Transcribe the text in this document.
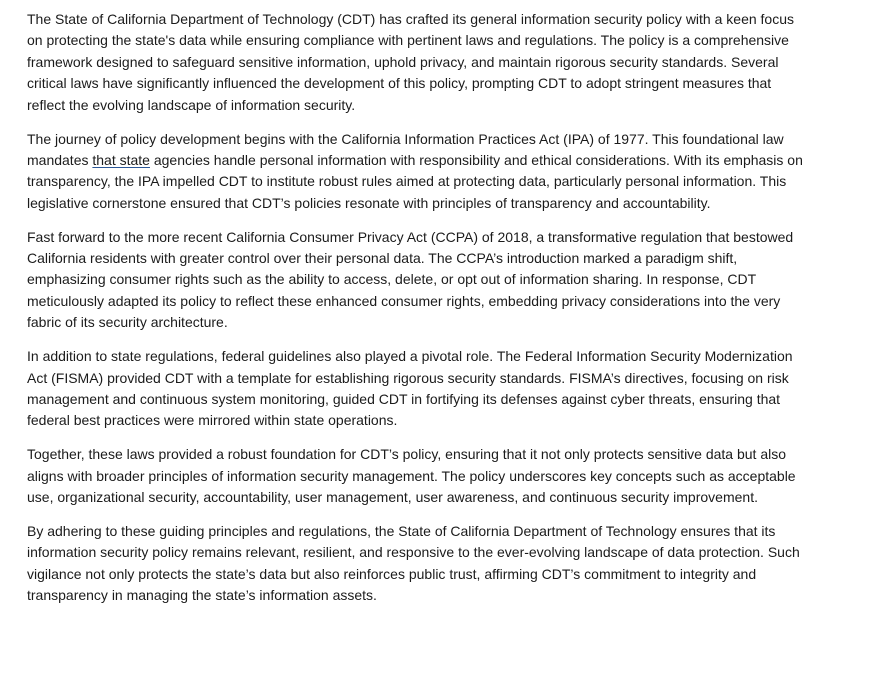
The State of California Department of Technology (CDT) has crafted its general information security policy with a keen focus on protecting the state's data while ensuring compliance with pertinent laws and regulations. The policy is a comprehensive framework designed to safeguard sensitive information, uphold privacy, and maintain rigorous security standards. Several critical laws have significantly influenced the development of this policy, prompting CDT to adopt stringent measures that reflect the evolving landscape of information security.

The journey of policy development begins with the California Information Practices Act (IPA) of 1977. This foundational law mandates that state agencies handle personal information with responsibility and ethical considerations. With its emphasis on transparency, the IPA impelled CDT to institute robust rules aimed at protecting data, particularly personal information. This legislative cornerstone ensured that CDT’s policies resonate with principles of transparency and accountability.

Fast forward to the more recent California Consumer Privacy Act (CCPA) of 2018, a transformative regulation that bestowed California residents with greater control over their personal data. The CCPA’s introduction marked a paradigm shift, emphasizing consumer rights such as the ability to access, delete, or opt out of information sharing. In response, CDT meticulously adapted its policy to reflect these enhanced consumer rights, embedding privacy considerations into the very fabric of its security architecture.

In addition to state regulations, federal guidelines also played a pivotal role. The Federal Information Security Modernization Act (FISMA) provided CDT with a template for establishing rigorous security standards. FISMA’s directives, focusing on risk management and continuous system monitoring, guided CDT in fortifying its defenses against cyber threats, ensuring that federal best practices were mirrored within state operations.

Together, these laws provided a robust foundation for CDT’s policy, ensuring that it not only protects sensitive data but also aligns with broader principles of information security management. The policy underscores key concepts such as acceptable use, organizational security, accountability, user management, user awareness, and continuous security improvement.

By adhering to these guiding principles and regulations, the State of California Department of Technology ensures that its information security policy remains relevant, resilient, and responsive to the ever-evolving landscape of data protection. Such vigilance not only protects the state’s data but also reinforces public trust, affirming CDT’s commitment to integrity and transparency in managing the state’s information assets.
